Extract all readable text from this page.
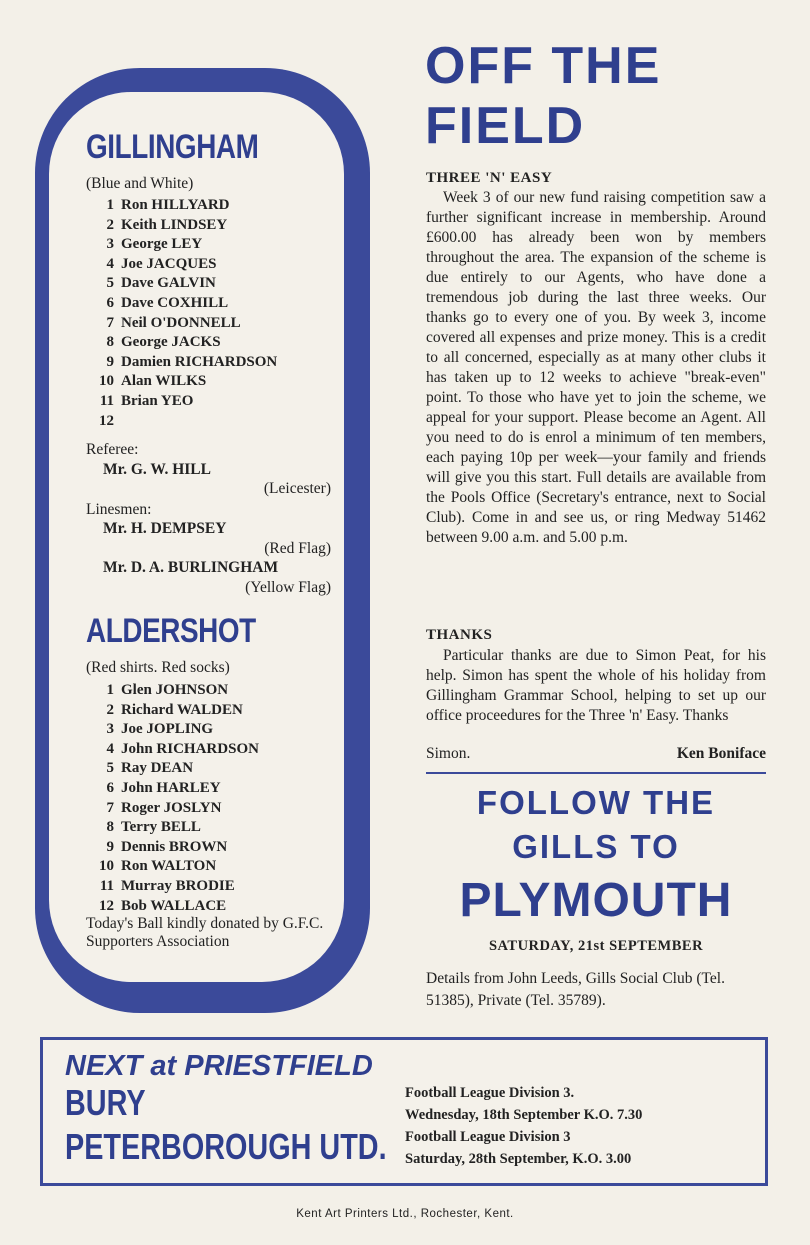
GILLINGHAM
(Blue and White)
1 Ron HILLYARD
2 Keith LINDSEY
3 George LEY
4 Joe JACQUES
5 Dave GALVIN
6 Dave COXHILL
7 Neil O'DONNELL
8 George JACKS
9 Damien RICHARDSON
10 Alan WILKS
11 Brian YEO
12
Referee:
Mr. G. W. HILL
(Leicester)
Linesmen:
Mr. H. DEMPSEY
(Red Flag)
Mr. D. A. BURLINGHAM
(Yellow Flag)
ALDERSHOT
(Red shirts. Red socks)
1 Glen JOHNSON
2 Richard WALDEN
3 Joe JOPLING
4 John RICHARDSON
5 Ray DEAN
6 John HARLEY
7 Roger JOSLYN
8 Terry BELL
9 Dennis BROWN
10 Ron WALTON
11 Murray BRODIE
12 Bob WALLACE
Today's Ball kindly donated by G.F.C. Supporters Association
OFF THE
FIELD
THREE 'N' EASY

Week 3 of our new fund raising competition saw a further significant increase in membership. Around £600.00 has already been won by members throughout the area. The expansion of the scheme is due entirely to our Agents, who have done a tremendous job during the last three weeks. Our thanks go to every one of you. By week 3, income covered all expenses and prize money. This is a credit to all concerned, especially as at many other clubs it has taken up to 12 weeks to achieve "break-even" point. To those who have yet to join the scheme, we appeal for your support. Please become an Agent. All you need to do is enrol a minimum of ten members, each paying 10p per week—your family and friends will give you this start. Full details are available from the Pools Office (Secretary's entrance, next to Social Club). Come in and see us, or ring Medway 51462 between 9.00 a.m. and 5.00 p.m.

THANKS

Particular thanks are due to Simon Peat, for his help. Simon has spent the whole of his holiday from Gillingham Grammar School, helping to set up our office proceedures for the Three 'n' Easy. Thanks

Simon.	Ken Boniface
FOLLOW THE
GILLS TO
PLYMOUTH
SATURDAY, 21st SEPTEMBER

Details from John Leeds, Gills Social Club (Tel. 51385), Private (Tel. 35789).

NEXT at PRIESTFIELD
BURY
PETERBOROUGH UTD.
Football League Division 3.
Wednesday, 18th September K.O. 7.30
Football League Division 3
Saturday, 28th September, K.O. 3.00
Kent Art Printers Ltd., Rochester, Kent.
